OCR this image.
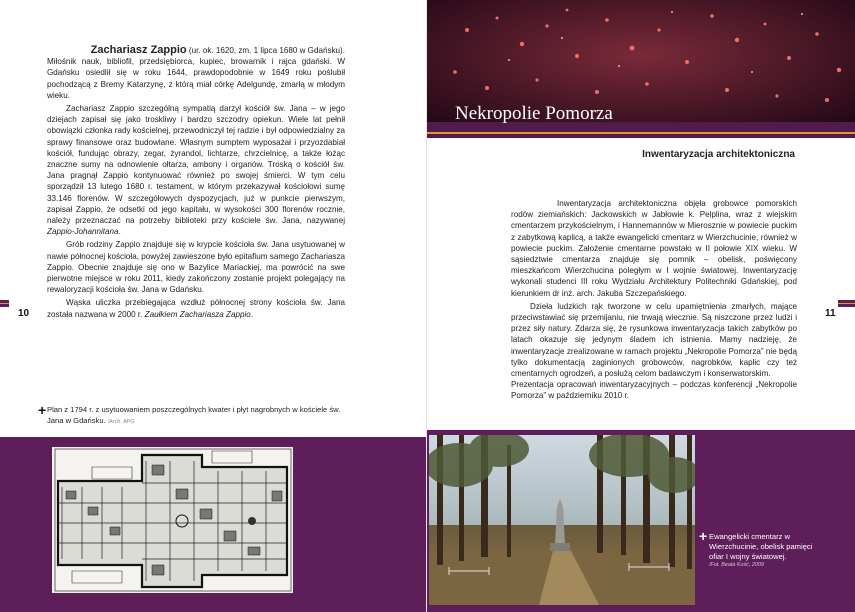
Zachariasz Zappio (ur. ok. 1620, zm. 1 lipca 1680 w Gdańsku).

Miłośnik nauk, bibliofil, przedsiębiorca, kupiec, browarnik i rajca gdański. W Gdańsku osiedlił się w roku 1644, prawdopodobnie w 1649 roku poślubił pochodzącą z Bremy Katarzynę, z którą miał córkę Adelgundę, zmarłą w młodym wieku.

Zachariasz Zappio szczególną sympatią darzył kościół św. Jana – w jego dziejach zapisał się jako troskliwy i bardzo szczodry opiekun. Wiele lat pełnił obowiązki członka rady kościelnej, przewodniczył tej radzie i był odpowiedzialny za sprawy finansowe oraz budowlane. Własnym sumptem wyposażał i przyozdabiał kościół, fundując obrazy, zegar, żyrandol, lichtarze, chrzcielnicę, a także łożąc znaczne sumy na odnowienie ołtarza, ambony i organów. Troską o kościół św. Jana pragnął Zappio kontynuować również po swojej śmierci. W tym celu sporządził 13 lutego 1680 r. testament, w którym przekazywał kościołowi sumę 33.146 florenów. W szczegółowych dyspozycjach, już w punkcie pierwszym, zapisał Zappio, że odsetki od jego kapitału, w wysokości 300 florenów rocznie, należy przeznaczać na potrzeby biblioteki przy kościele św. Jana, nazywanej Zappio-Johannitana.

Grób rodziny Zappio znajduje się w krypcie kościoła św. Jana usytuowanej w nawie północnej kościoła, powyżej zawieszone było epitafium samego Zachariasza Zappio. Obecnie znajduje się ono w Bazylice Mariackiej, ma powrócić na swe pierwotne miejsce w roku 2011, kiedy zakończony zostanie projekt polegający na rewaloryzacji kościoła św. Jana w Gdańsku.

Wąska uliczka przebiegająca wzdłuż północnej strony kościoła św. Jana została nazwana w 2000 r. Zaułkiem Zachariasza Zappio.

10
+ Plan z 1794 r. z usytuowaniem poszczególnych kwater i płyt nagrobnych w kościele św. Jana w Gdańsku. /Arch. APG
Nekropolie Pomorza
Inwentaryzacja architektoniczna

Inwentaryzacja architektoniczna objęła grobowce pomorskich rodów ziemiańskich: Jackowskich w Jabłowie k. Pelplina, wraz z wiejskim cmentarzem przykościelnym, i Hannemannów w Mierosznie w powiecie puckim z zabytkową kaplicą, a także ewangelicki cmentarz w Wierzchucinie, również w powiecie puckim. Założenie cmentarne powstało w II połowie XIX wieku. W sąsiedztwie cmentarza znajduje się pomnik – obelisk, poświęcony mieszkańcom Wierzchucina poległym w I wojnie światowej. Inwentaryzację wykonali studenci III roku Wydziału Architektury Politechniki Gdańskiej, pod kierunkiem dr inż. arch. Jakuba Szczepańskiego.

Dzieła ludzkich rąk tworzone w celu upamiętnienia zmarłych, mające przeciwstawiać się przemijaniu, nie trwają wiecznie. Są niszczone przez ludzi i przez siły natury. Zdarza się, że rysunkowa inwentaryzacja takich zabytków po latach okazuje się jedynym śladem ich istnienia. Mamy nadzieję, że inwentaryzacje zrealizowane w ramach projektu „Nekropolie Pomorza” nie będą tylko dokumentacją zaginionych grobowców, nagrobków, kaplic czy też cmentarnych ogrodzeń, a posłużą celom badawczym i konserwatorskim.

Prezentacja opracowań inwentaryzacyjnych – podczas konferencji „Nekropolie Pomorza” w październiku 2010 r.

11
+ Ewangelicki cmentarz w Wierzchucinie, obelisk pamięci ofiar I wojny światowej.
/Fot. Beata Kość, 2009
